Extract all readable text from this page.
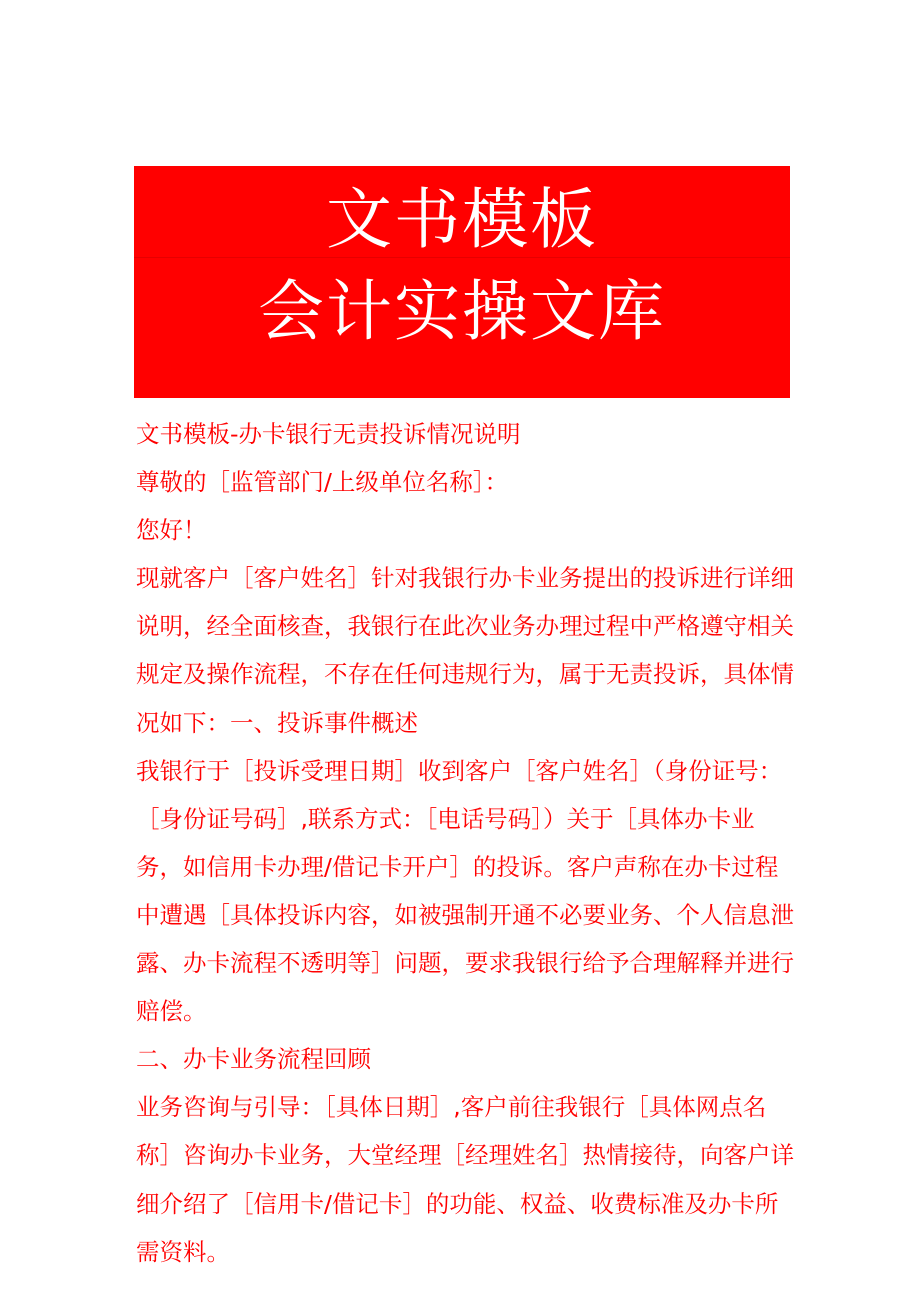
文书模板
会计实操文库

文书模板-办卡银行无责投诉情况说明

尊敬的［监管部门/上级单位名称］：

您好！

现就客户［客户姓名］针对我银行办卡业务提出的投诉进行详细说明，经全面核查，我银行在此次业务办理过程中严格遵守相关规定及操作流程，不存在任何违规行为，属于无责投诉，具体情况如下：一、投诉事件概述

我银行于［投诉受理日期］收到客户［客户姓名］（身份证号：［身份证号码］,联系方式：［电话号码］）关于［具体办卡业务，如信用卡办理/借记卡开户］的投诉。客户声称在办卡过程中遭遇［具体投诉内容，如被强制开通不必要业务、个人信息泄露、办卡流程不透明等］问题，要求我银行给予合理解释并进行赔偿。

二、办卡业务流程回顾

业务咨询与引导：［具体日期］,客户前往我银行［具体网点名称］咨询办卡业务，大堂经理［经理姓名］热情接待，向客户详细介绍了［信用卡/借记卡］的功能、权益、收费标准及办卡所需资料。
